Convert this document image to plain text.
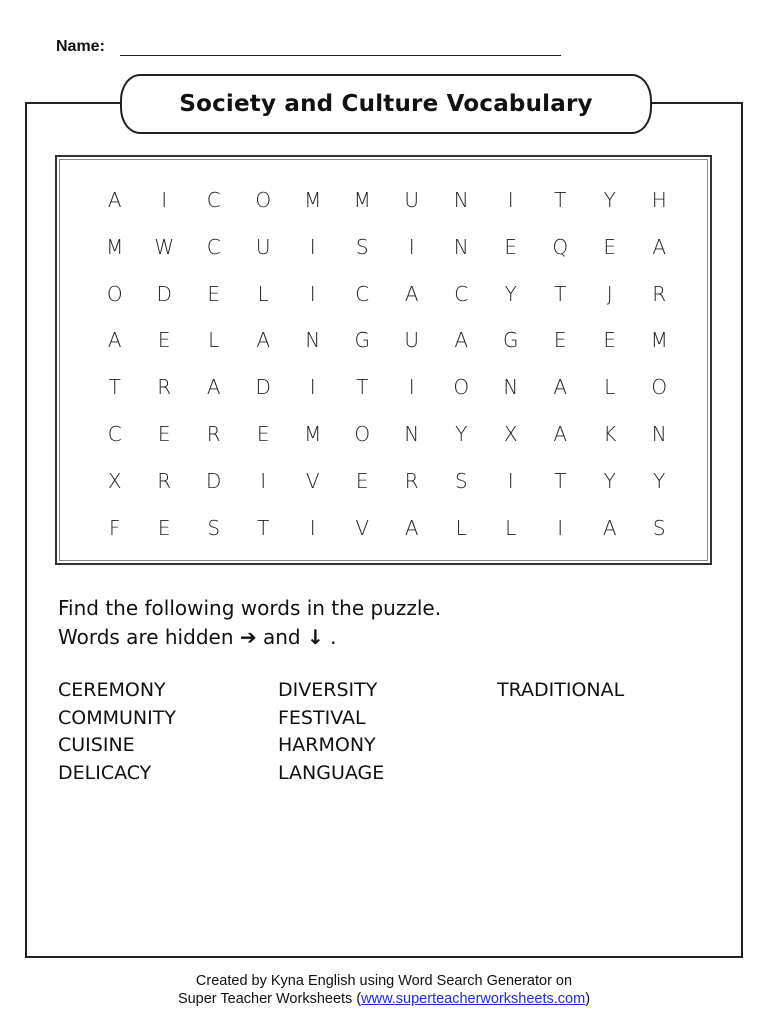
Name:
Society and Culture Vocabulary
A	I	C	O	M	M	U	N	I	T	Y	H
M	W	C	U	I	S	I	N	E	Q	E	A
O	D	E	L	I	C	A	C	Y	T	J	R
A	E	L	A	N	G	U	A	G	E	E	M
T	R	A	D	I	T	I	O	N	A	L	O
C	E	R	E	M	O	N	Y	X	A	K	N
X	R	D	I	V	E	R	S	I	T	Y	Y
F	E	S	T	I	V	A	L	L	I	A	S
Find the following words in the puzzle.
Words are hidden ➔ and ↓ .
CEREMONY
COMMUNITY
CUISINE
DELICACY
DIVERSITY
FESTIVAL
HARMONY
LANGUAGE
TRADITIONAL
Created by Kyna English using Word Search Generator on
Super Teacher Worksheets (www.superteacherworksheets.com)
